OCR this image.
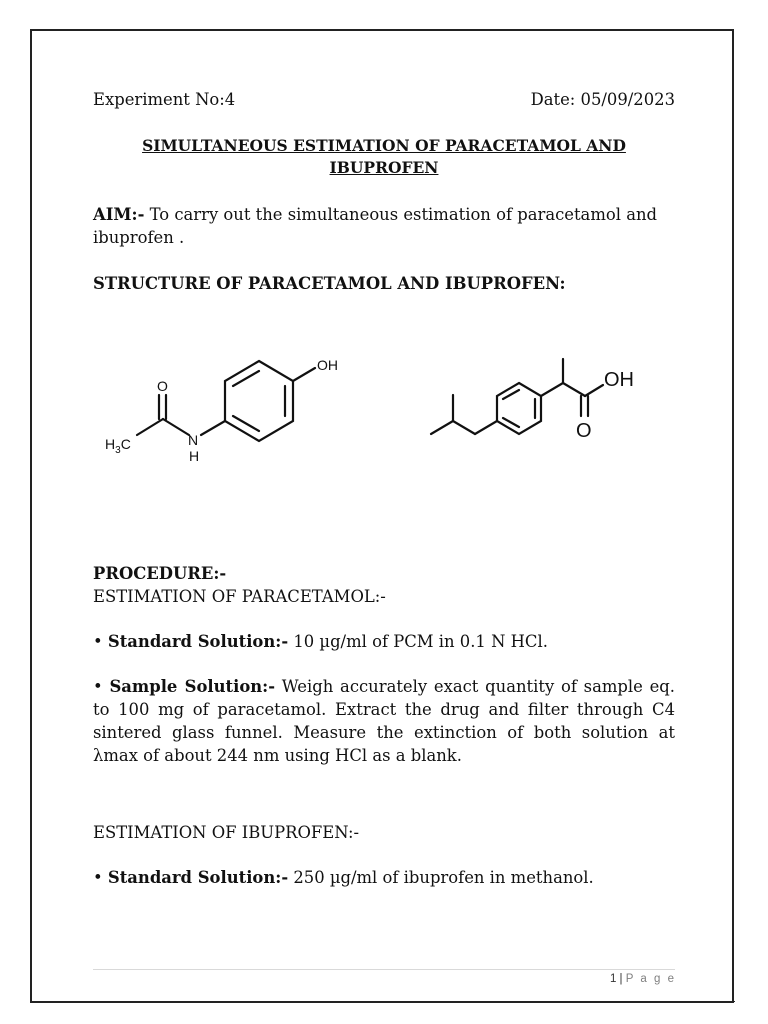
Experiment No:4	Date: 05/09/2023
SIMULTANEOUS ESTIMATION OF PARACETAMOL AND
IBUPROFEN

AIM:- To carry out the simultaneous estimation of paracetamol and ibuprofen .

STRUCTURE OF PARACETAMOL AND IBUPROFEN:

OH
O
N
H
$H_3C$
OH
O

PROCEDURE:-

ESTIMATION OF PARACETAMOL:-

• Standard Solution:- 10 µg/ml of PCM in 0.1 N HCl.

• Sample Solution:- Weigh accurately exact quantity of sample eq. to 100 mg of paracetamol. Extract the drug and filter through C4 sintered glass funnel. Measure the extinction of both solution at λmax of about 244 nm using HCl as a blank.

ESTIMATION OF IBUPROFEN:-

• Standard Solution:- 250 µg/ml of ibuprofen in methanol.

1 | P a g e
